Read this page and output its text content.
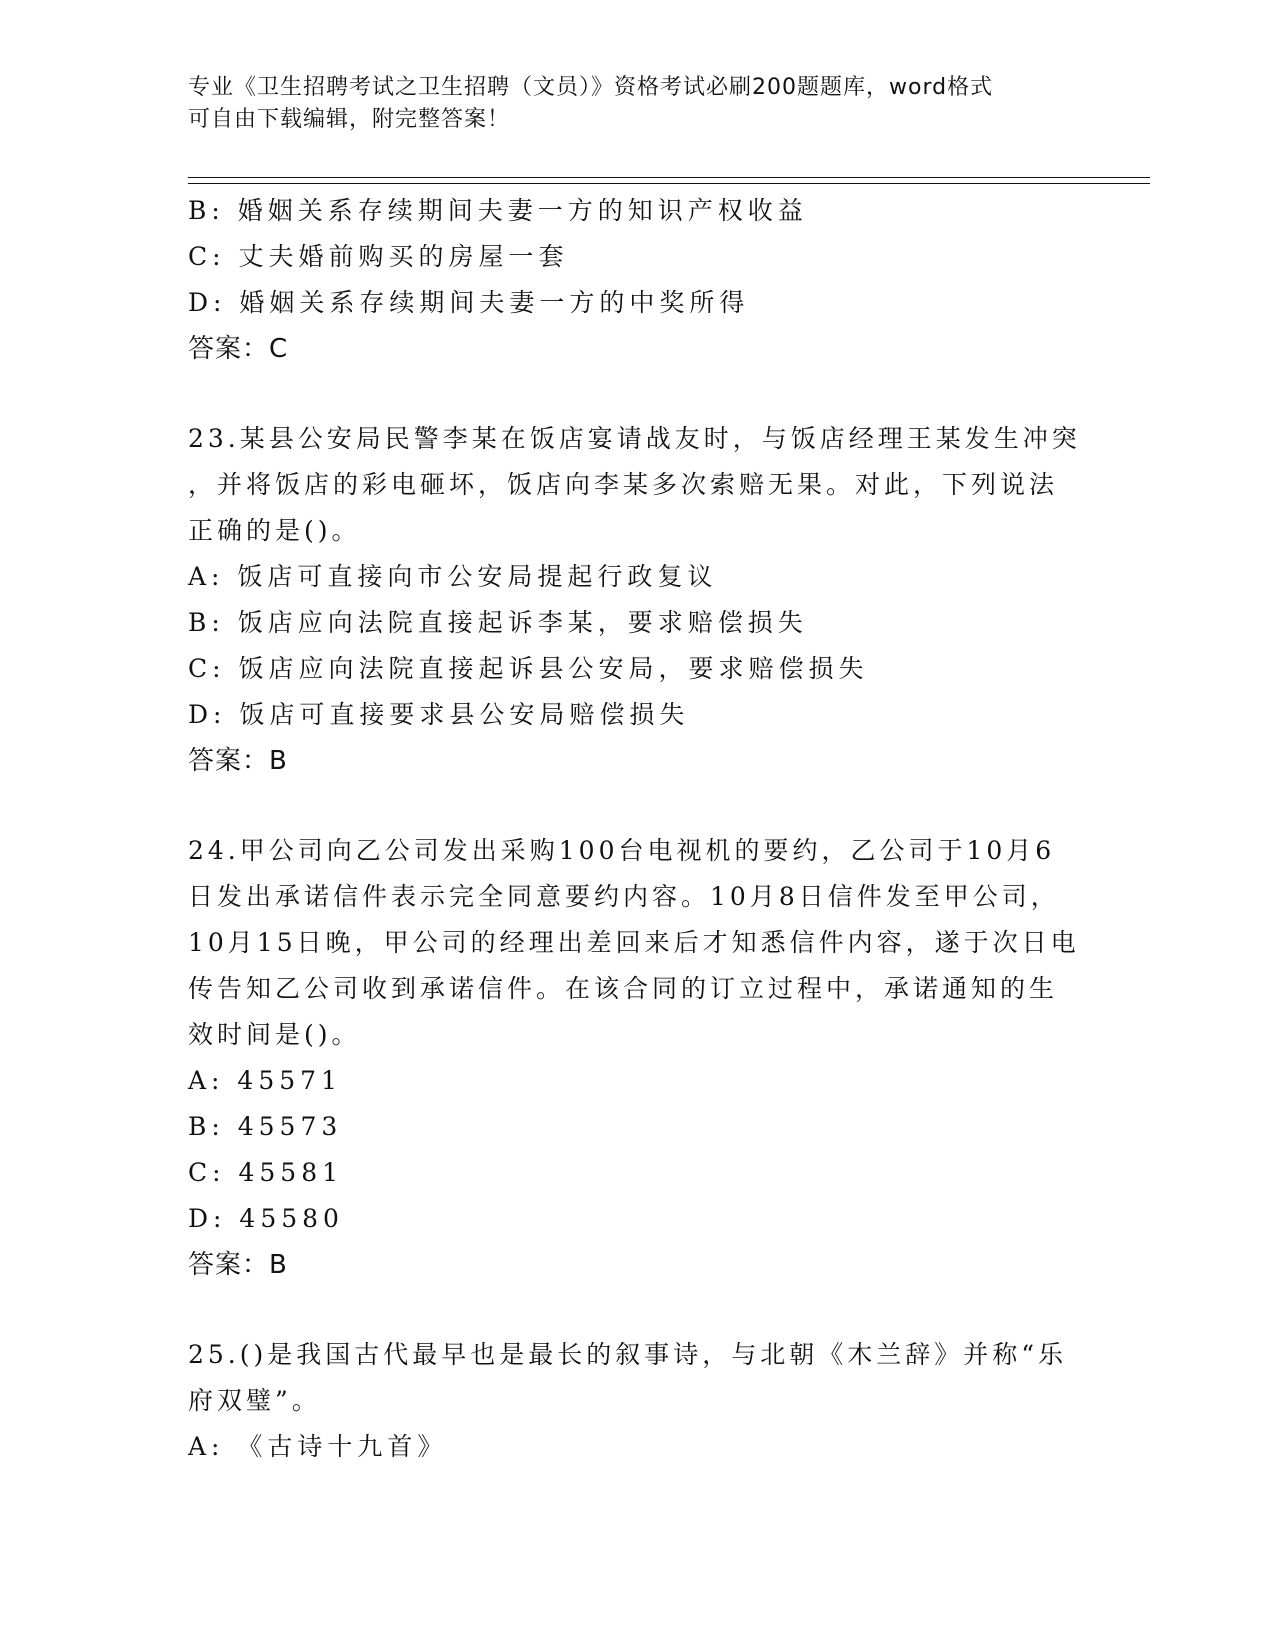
专业《卫生招聘考试之卫生招聘（文员）》资格考试必刷200题题库，word格式
可自由下载编辑，附完整答案！
B: 婚姻关系存续期间夫妻一方的知识产权收益
C: 丈夫婚前购买的房屋一套
D: 婚姻关系存续期间夫妻一方的中奖所得
答案：C
23.某县公安局民警李某在饭店宴请战友时，与饭店经理王某发生冲突
，并将饭店的彩电砸坏，饭店向李某多次索赔无果。对此，下列说法
正确的是()。
A: 饭店可直接向市公安局提起行政复议
B: 饭店应向法院直接起诉李某，要求赔偿损失
C: 饭店应向法院直接起诉县公安局，要求赔偿损失
D: 饭店可直接要求县公安局赔偿损失
答案：B
24.甲公司向乙公司发出采购100台电视机的要约，乙公司于10月6
日发出承诺信件表示完全同意要约内容。10月8日信件发至甲公司，
10月15日晚，甲公司的经理出差回来后才知悉信件内容，遂于次日电
传告知乙公司收到承诺信件。在该合同的订立过程中，承诺通知的生
效时间是()。
A: 45571
B: 45573
C: 45581
D: 45580
答案：B
25.()是我国古代最早也是最长的叙事诗，与北朝《木兰辞》并称“乐
府双璧”。
A: 《古诗十九首》
